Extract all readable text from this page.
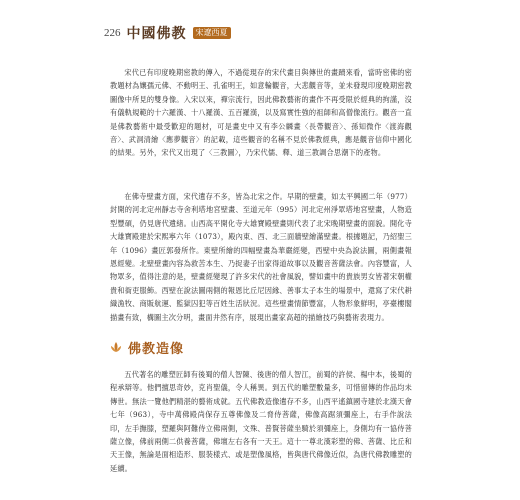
226 中國佛教	宋遼西夏

宋代已有印度晚期密教的傳入，不過從現存的宋代畫目與傳世的畫蹟來看，當時密佛的密教題材為孃孺元佛、不動明王、孔雀明王，如意輪觀音，大悲觀音等，並未發現印度晚期密教圖像中所見的雙身像。入宋以來，禪宗流行，因此佛教藝術的畫作不再受限於經典的拘謹，沒有儀軌規範的十六羅漢、十八羅漢、五百羅漢，以及寫實性強的祖師和高僧像流行。觀音一直是佛教藝術中最受歡迎的題材，可是畫史中又有李公麟畫〈長帶觀音〉、孫知微作〈渡海觀音〉、武洞清繪〈應夢觀音〉的記載，這些觀音的名稱不見於佛教經典，應是觀音信仰中國化的結果。另外，宋代又出現了〈三教圖〉，乃宋代儒、釋、道三教調合思潮下的產物。

在佛寺壁畫方面，宋代遺存不多，皆為北宋之作。早期的壁畫，如太平興國二年（977）封開的河北定州靜志寺舍利塔地宮壁畫、至道元年（995）河北定州淨眾塔地宮壁畫，人物造型豐碩，仍見唐代遺緒。山西高平開化寺大雄寶殿壁畫則代表了北宋晚期壁畫的面貌。開化寺大雄寶殿建於宋熙寧六年（1073），殿內東、西、北三面牆壁繪滿壁畫。根據題記，乃紹聖三年（1096）畫匠郭發所作。東壁所繪的四幅壁畫為華嚴經變，西壁中央為說法圖，兩側畫報恩經變。北壁壁畫內容為救苦本生、乃捉妻子出家得道故事以及觀音菩薩法會。內容豐富，人物眾多，值得注意的是，壁畫經變現了許多宋代的社會風貌，譬如畫中的貴族男女皆著宋朝權貴和衙吏服飾。西壁在說法圖兩側的報恩比丘尼因緣、善事太子本生的場景中，還寫了宋代耕織漁牧、商販航運、監獄囚犯等百姓生活狀況。這些壁畫情節豐富，人物形象鮮明，亭臺樓閣描畫有致，構圖主次分明，畫面井然有序，展現出畫家高超的描繪技巧與藝術表現力。

佛教造像

五代著名的雕塑匠師有後蜀的僧人智陳、後唐的僧人智江，前蜀的許侯、楊中本，後蜀的程承辯等。他們擅思奇妙，克肖聖儀，令人稱異。到五代的雕塑數量多，可惜留傳的作品均未傳世。無法一覽他們精湛的藝術成就。五代佛教造像遺存不多，山西平遙鎮國寺建於北漢天會七年（963），寺中萬佛殿尚保存五尊佛像及二脅侍菩薩，佛像高踞須彌座上，右手作說法印，左手撫膝，塑羅與阿難侍立佛兩側，文殊、普賢菩薩坐騎於須彌座上，身側均有一協侍菩薩立像，佛前兩側二供養菩薩，佛壇左右各有一天王。這十一尊北漢彩塑的佛、菩薩、比丘和天王像，無論是面相造形、服裝樣式、或是塑像風格，皆與唐代佛像近似，為唐代佛教雕塑的延續。
